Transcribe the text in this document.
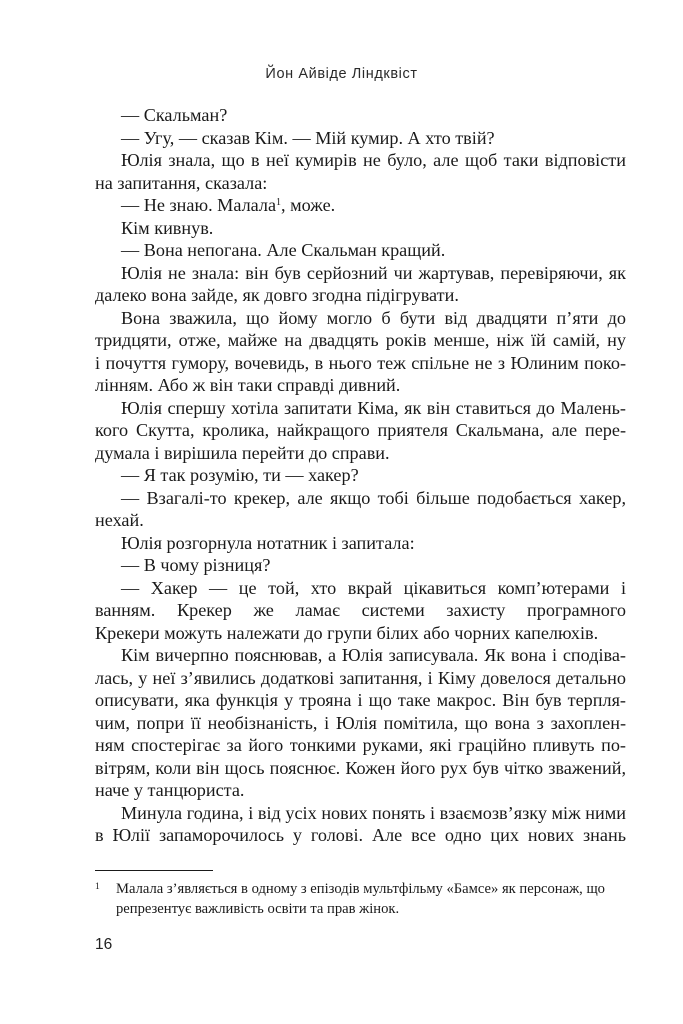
Йон Айвіде Ліндквіст
— Скальман?
— Угу, — сказав Кім. — Мій кумир. А хто твій?
Юлія знала, що в неї кумирів не було, але щоб таки відповісти
на запитання, сказала:
— Не знаю. Малала$^1$, може.
Кім кивнув.
— Вона непогана. Але Скальман кращий.
Юлія не знала: він був серйозний чи жартував, перевіряючи, як
далеко вона зайде, як довго згодна підігрувати.
Вона зважила, що йому могло б бути від двадцяти п’яти до
тридцяти, отже, майже на двадцять років менше, ніж їй самій, ну
і почуття гумору, вочевидь, в нього теж спільне не з Юлиним поко-
лінням. Або ж він таки справді дивний.
Юлія спершу хотіла запитати Кіма, як він ставиться до Малень-
кого Скутта, кролика, найкращого приятеля Скальмана, але пере-
думала і вирішила перейти до справи.
— Я так розумію, ти — хакер?
— Взагалі-то крекер, але якщо тобі більше подобається хакер,
нехай.
Юлія розгорнула нотатник і запитала:
— В чому різниця?
— Хакер — це той, хто вкрай цікавиться комп’ютерами і
ванням. Крекер же ламає системи захисту програмного
Крекери можуть належати до групи білих або чорних капелюхів.
Кім вичерпно пояснював, а Юлія записувала. Як вона і сподіва-
лась, у неї з’явились додаткові запитання, і Кіму довелося детально
описувати, яка функція у трояна і що таке макрос. Він був терпля-
чим, попри її необізнаність, і Юлія помітила, що вона з захоплен-
ням спостерігає за його тонкими руками, які граційно пливуть по-
вітрям, коли він щось пояснює. Кожен його рух був чітко зважений,
наче у танцюриста.
Минула година, і від усіх нових понять і взаємозв’язку між ними
в Юлії запаморочилось у голові. Але все одно цих нових знань
1	Малала з’являється в одному з епізодів мультфільму «Бамсе» як персонаж, що репрезентує важливість освіти та прав жінок.
16
